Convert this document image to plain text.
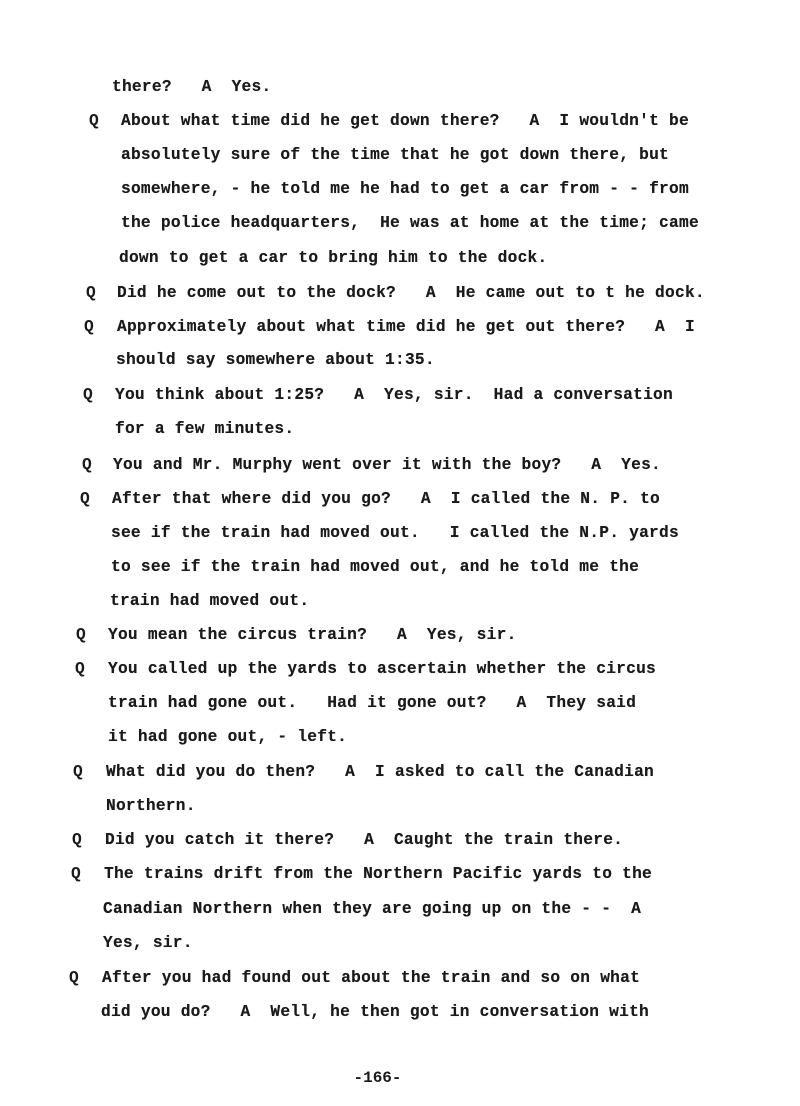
there?   A  Yes.
Q About what time did he get down there?   A  I wouldn't be
absolutely sure of the time that he got down there, but
somewhere, - he told me he had to get a car from - - from
the police headquarters,  He was at home at the time; came
down to get a car to bring him to the dock.
Q Did he come out to the dock?   A  He came out to t he dock.
Q Approximately about what time did he get out there?   A  I
should say somewhere about 1:35.
Q You think about 1:25?   A  Yes, sir.  Had a conversation
for a few minutes.
Q You and Mr. Murphy went over it with the boy?   A  Yes.
Q After that where did you go?   A  I called the N. P. to
see if the train had moved out.   I called the N.P. yards
to see if the train had moved out, and he told me the
train had moved out.
Q You mean the circus train?   A  Yes, sir.
Q You called up the yards to ascertain whether the circus
train had gone out.   Had it gone out?   A  They said
it had gone out, - left.
Q What did you do then?   A  I asked to call the Canadian
Northern.
Q Did you catch it there?   A  Caught the train there.
Q The trains drift from the Northern Pacific yards to the
Canadian Northern when they are going up on the - -  A
Yes, sir.
Q After you had found out about the train and so on what
did you do?   A  Well, he then got in conversation with
-166-
